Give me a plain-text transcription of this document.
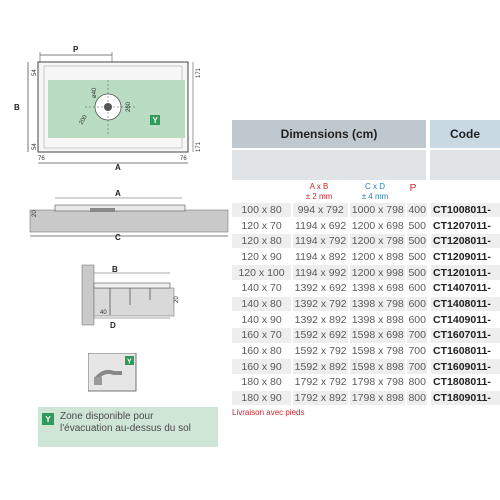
P
ø40
200
260
Y
B
54
54
171
171
76	76
A
A
20
C
B
40
20
D
Y
Y Zone disponible pour
l'évacuation au-dessus du sol
Dimensions (cm)	Code
A x B
± 2 mm
C x D
± 4 mm
P
100 x 80	994 x 792 1000 x 798 400 CT1008011-
120 x 70	1194 x 692 1200 x 698 500 CT1207011-
120 x 80	1194 x 792 1200 x 798 500 CT1208011-
120 x 90	1194 x 892 1200 x 898 500 CT1209011-
120 x 100 1194 x 992 1200 x 998 500 CT1201011-
140 x 70	1392 x 692 1398 x 698 600 CT1407011-
140 x 80	1392 x 792 1398 x 798 600 CT1408011-
140 x 90	1392 x 892 1398 x 898 600 CT1409011-
160 x 70	1592 x 692 1598 x 698 700 CT1607011-
160 x 80	1592 x 792 1598 x 798 700 CT1608011-
160 x 90	1592 x 892 1598 x 898 700 CT1609011-
180 x 80	1792 x 792 1798 x 798 800 CT1808011-
180 x 90	1792 x 892 1798 x 898 800 CT1809011-
Livraison avec pieds
